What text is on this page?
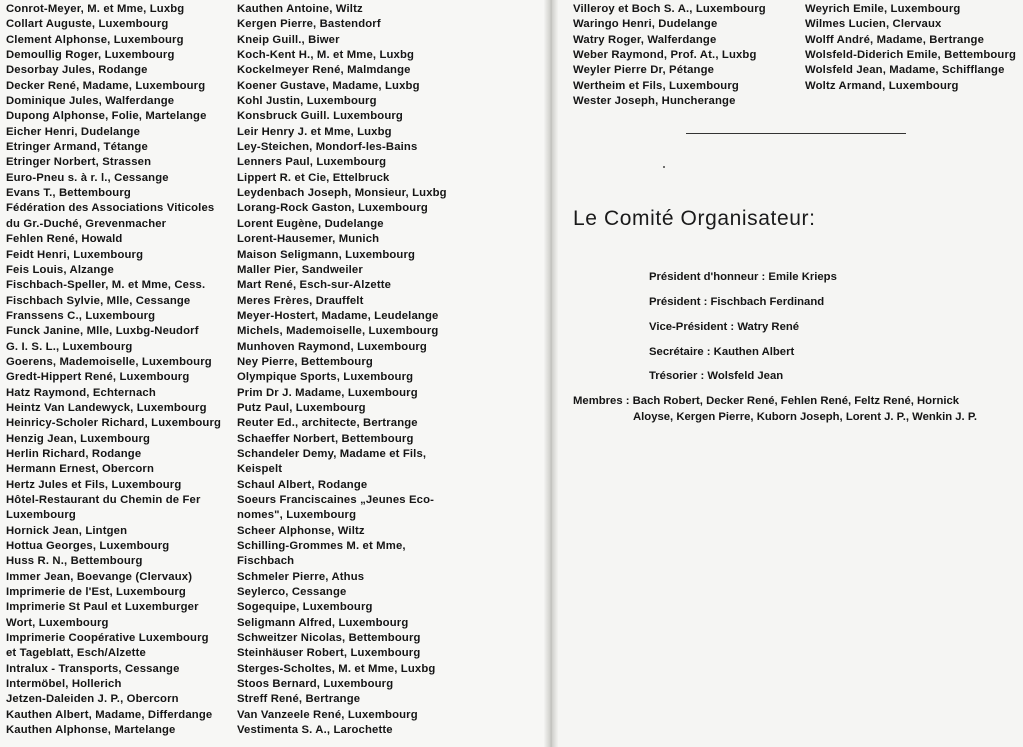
Conrot-Meyer, M. et Mme, Luxbg
Collart Auguste, Luxembourg
Clement Alphonse, Luxembourg
Demoullig Roger, Luxembourg
Desorbay Jules, Rodange
Decker René, Madame, Luxembourg
Dominique Jules, Walferdange
Dupong Alphonse, Folie, Martelange
Eicher Henri, Dudelange
Etringer Armand, Tétange
Etringer Norbert, Strassen
Euro-Pneu s. à r. l., Cessange
Evans T., Bettembourg
Fédération des Associations Viticoles
du Gr.-Duché, Grevenmacher
Fehlen René, Howald
Feidt Henri, Luxembourg
Feis Louis, Alzange
Fischbach-Speller, M. et Mme, Cess.
Fischbach Sylvie, Mlle, Cessange
Franssens C., Luxembourg
Funck Janine, Mlle, Luxbg-Neudorf
G. I. S. L., Luxembourg
Goerens, Mademoiselle, Luxembourg
Gredt-Hippert René, Luxembourg
Hatz Raymond, Echternach
Heintz Van Landewyck, Luxembourg
Heinricy-Scholer Richard, Luxembourg
Henzig Jean, Luxembourg
Herlin Richard, Rodange
Hermann Ernest, Obercorn
Hertz Jules et Fils, Luxembourg
Hôtel-Restaurant du Chemin de Fer
Luxembourg
Hornick Jean, Lintgen
Hottua Georges, Luxembourg
Huss R. N., Bettembourg
Immer Jean, Boevange (Clervaux)
Imprimerie de l'Est, Luxembourg
Imprimerie St Paul et Luxemburger
Wort, Luxembourg
Imprimerie Coopérative Luxembourg
et Tageblatt, Esch/Alzette
Intralux - Transports, Cessange
Intermöbel, Hollerich
Jetzen-Daleiden J. P., Obercorn
Kauthen Albert, Madame, Differdange
Kauthen Alphonse, Martelange
Kauthen Antoine, Wiltz
Kergen Pierre, Bastendorf
Kneip Guill., Biwer
Koch-Kent H., M. et Mme, Luxbg
Kockelmeyer René, Malmdange
Koener Gustave, Madame, Luxbg
Kohl Justin, Luxembourg
Konsbruck Guill. Luxembourg
Leir Henry J. et Mme, Luxbg
Ley-Steichen, Mondorf-les-Bains
Lenners Paul, Luxembourg
Lippert R. et Cie, Ettelbruck
Leydenbach Joseph, Monsieur, Luxbg
Lorang-Rock Gaston, Luxembourg
Lorent Eugène, Dudelange
Lorent-Hausemer, Munich
Maison Seligmann, Luxembourg
Maller Pier, Sandweiler
Mart René, Esch-sur-Alzette
Meres Frères, Drauffelt
Meyer-Hostert, Madame, Leudelange
Michels, Mademoiselle, Luxembourg
Munhoven Raymond, Luxembourg
Ney Pierre, Bettembourg
Olympique Sports, Luxembourg
Prim Dr J. Madame, Luxembourg
Putz Paul, Luxembourg
Reuter Ed., architecte, Bertrange
Schaeffer Norbert, Bettembourg
Schandeler Demy, Madame et Fils,
Keispelt
Schaul Albert, Rodange
Soeurs Franciscaines „Jeunes Eco-
nomes", Luxembourg
Scheer Alphonse, Wiltz
Schilling-Grommes M. et Mme,
Fischbach
Schmeler Pierre, Athus
Seylerco, Cessange
Sogequipe, Luxembourg
Seligmann Alfred, Luxembourg
Schweitzer Nicolas, Bettembourg
Steinhäuser Robert, Luxembourg
Sterges-Scholtes, M. et Mme, Luxbg
Stoos Bernard, Luxembourg
Streff René, Bertrange
Van Vanzeele René, Luxembourg
Vestimenta S. A., Larochette
Villeroy et Boch S. A., Luxembourg
Waringo Henri, Dudelange
Watry Roger, Walferdange
Weber Raymond, Prof. At., Luxbg
Weyler Pierre Dr, Pétange
Wertheim et Fils, Luxembourg
Wester Joseph, Huncherange
Weyrich Emile, Luxembourg
Wilmes Lucien, Clervaux
Wolff André, Madame, Bertrange
Wolsfeld-Diderich Emile, Bettembourg
Wolsfeld Jean, Madame, Schifflange
Woltz Armand, Luxembourg
Le Comité Organisateur:

Président d'honneur : Emile Krieps

Président : Fischbach Ferdinand

Vice-Président : Watry René

Secrétaire : Kauthen Albert

Trésorier : Wolsfeld Jean

Membres : Bach Robert, Decker René, Fehlen René, Feltz René, Hornick
Aloyse, Kergen Pierre, Kuborn Joseph, Lorent J. P., Wenkin J. P.
